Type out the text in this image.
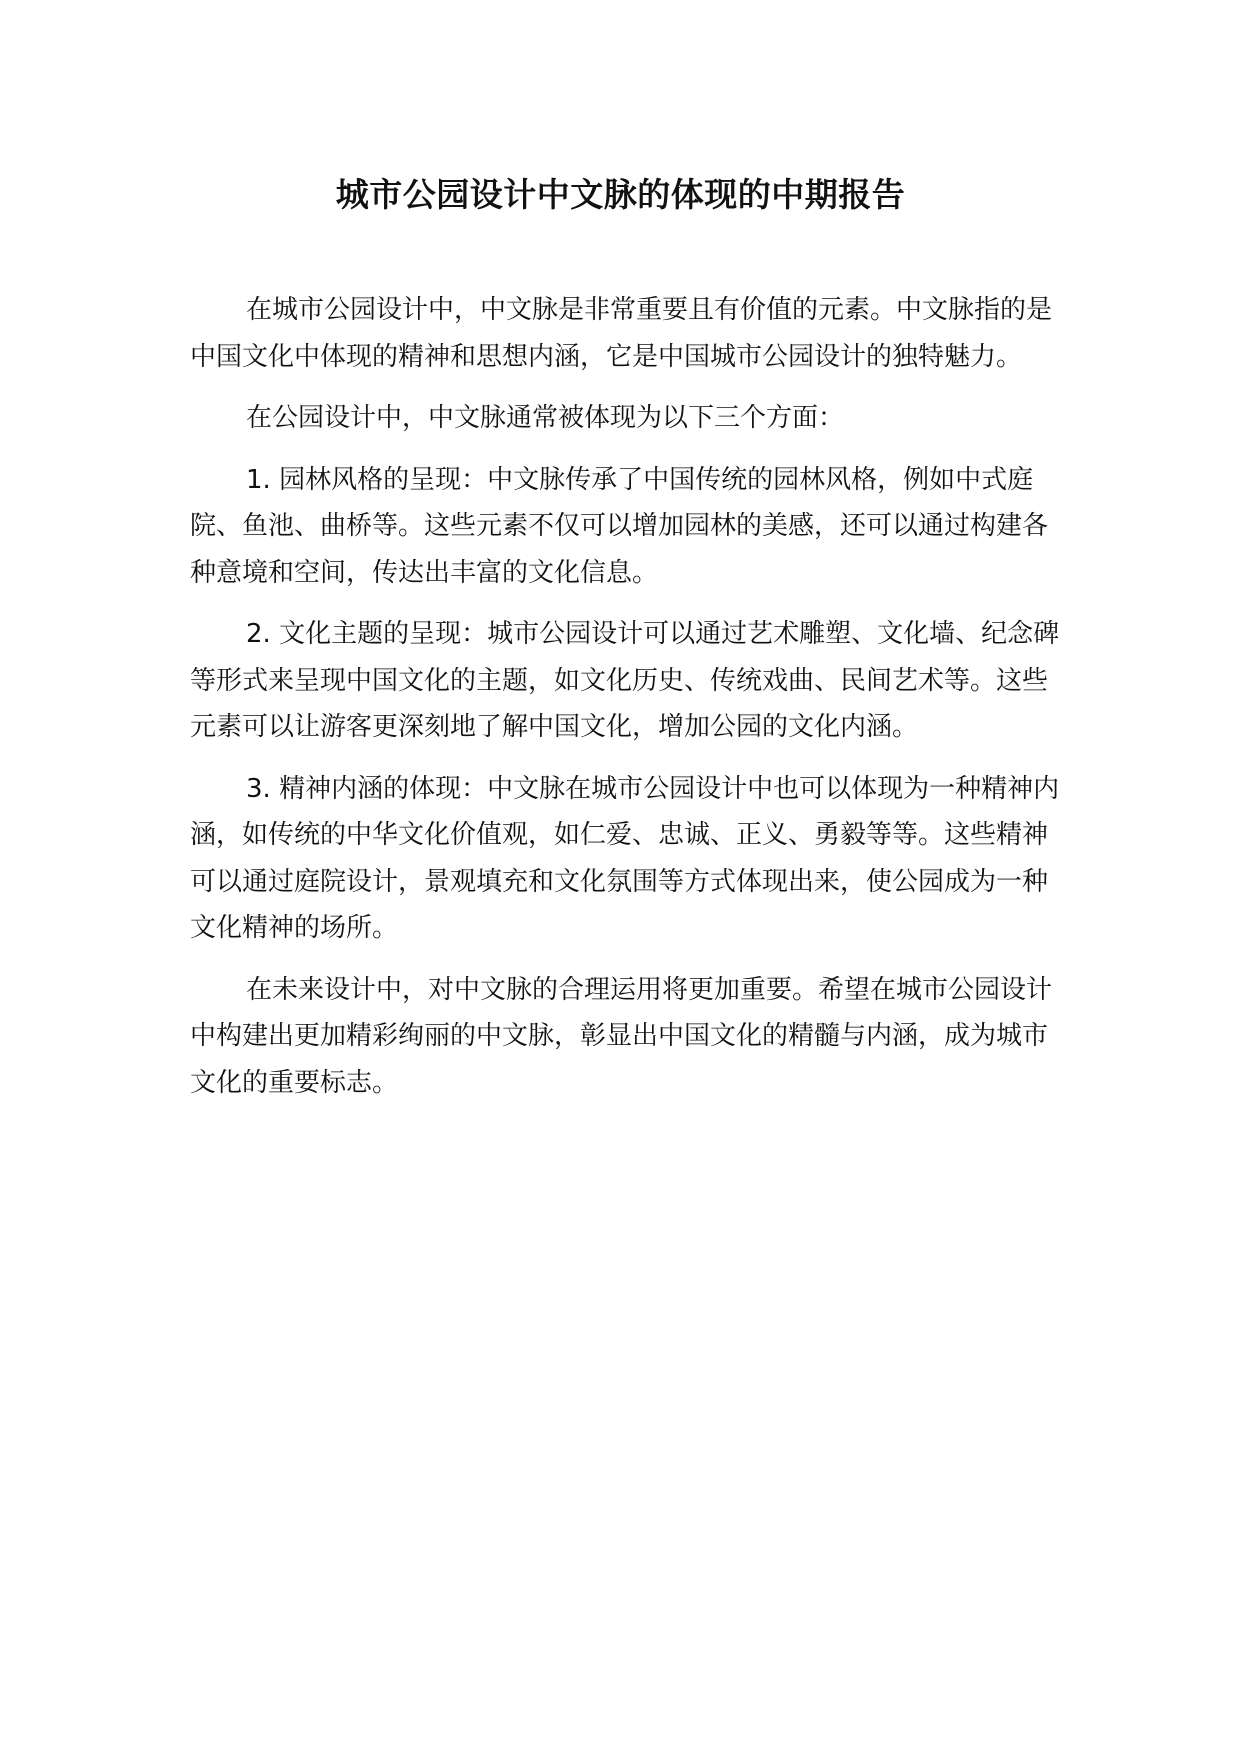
城市公园设计中文脉的体现的中期报告

在城市公园设计中，中文脉是非常重要且有价值的元素。中文脉指的是中国文化中体现的精神和思想内涵，它是中国城市公园设计的独特魅力。

在公园设计中，中文脉通常被体现为以下三个方面：

1. 园林风格的呈现：中文脉传承了中国传统的园林风格，例如中式庭院、鱼池、曲桥等。这些元素不仅可以增加园林的美感，还可以通过构建各种意境和空间，传达出丰富的文化信息。

2. 文化主题的呈现：城市公园设计可以通过艺术雕塑、文化墙、纪念碑等形式来呈现中国文化的主题，如文化历史、传统戏曲、民间艺术等。这些元素可以让游客更深刻地了解中国文化，增加公园的文化内涵。

3. 精神内涵的体现：中文脉在城市公园设计中也可以体现为一种精神内涵，如传统的中华文化价值观，如仁爱、忠诚、正义、勇毅等等。这些精神可以通过庭院设计，景观填充和文化氛围等方式体现出来，使公园成为一种文化精神的场所。

在未来设计中，对中文脉的合理运用将更加重要。希望在城市公园设计中构建出更加精彩绚丽的中文脉，彰显出中国文化的精髓与内涵，成为城市文化的重要标志。
